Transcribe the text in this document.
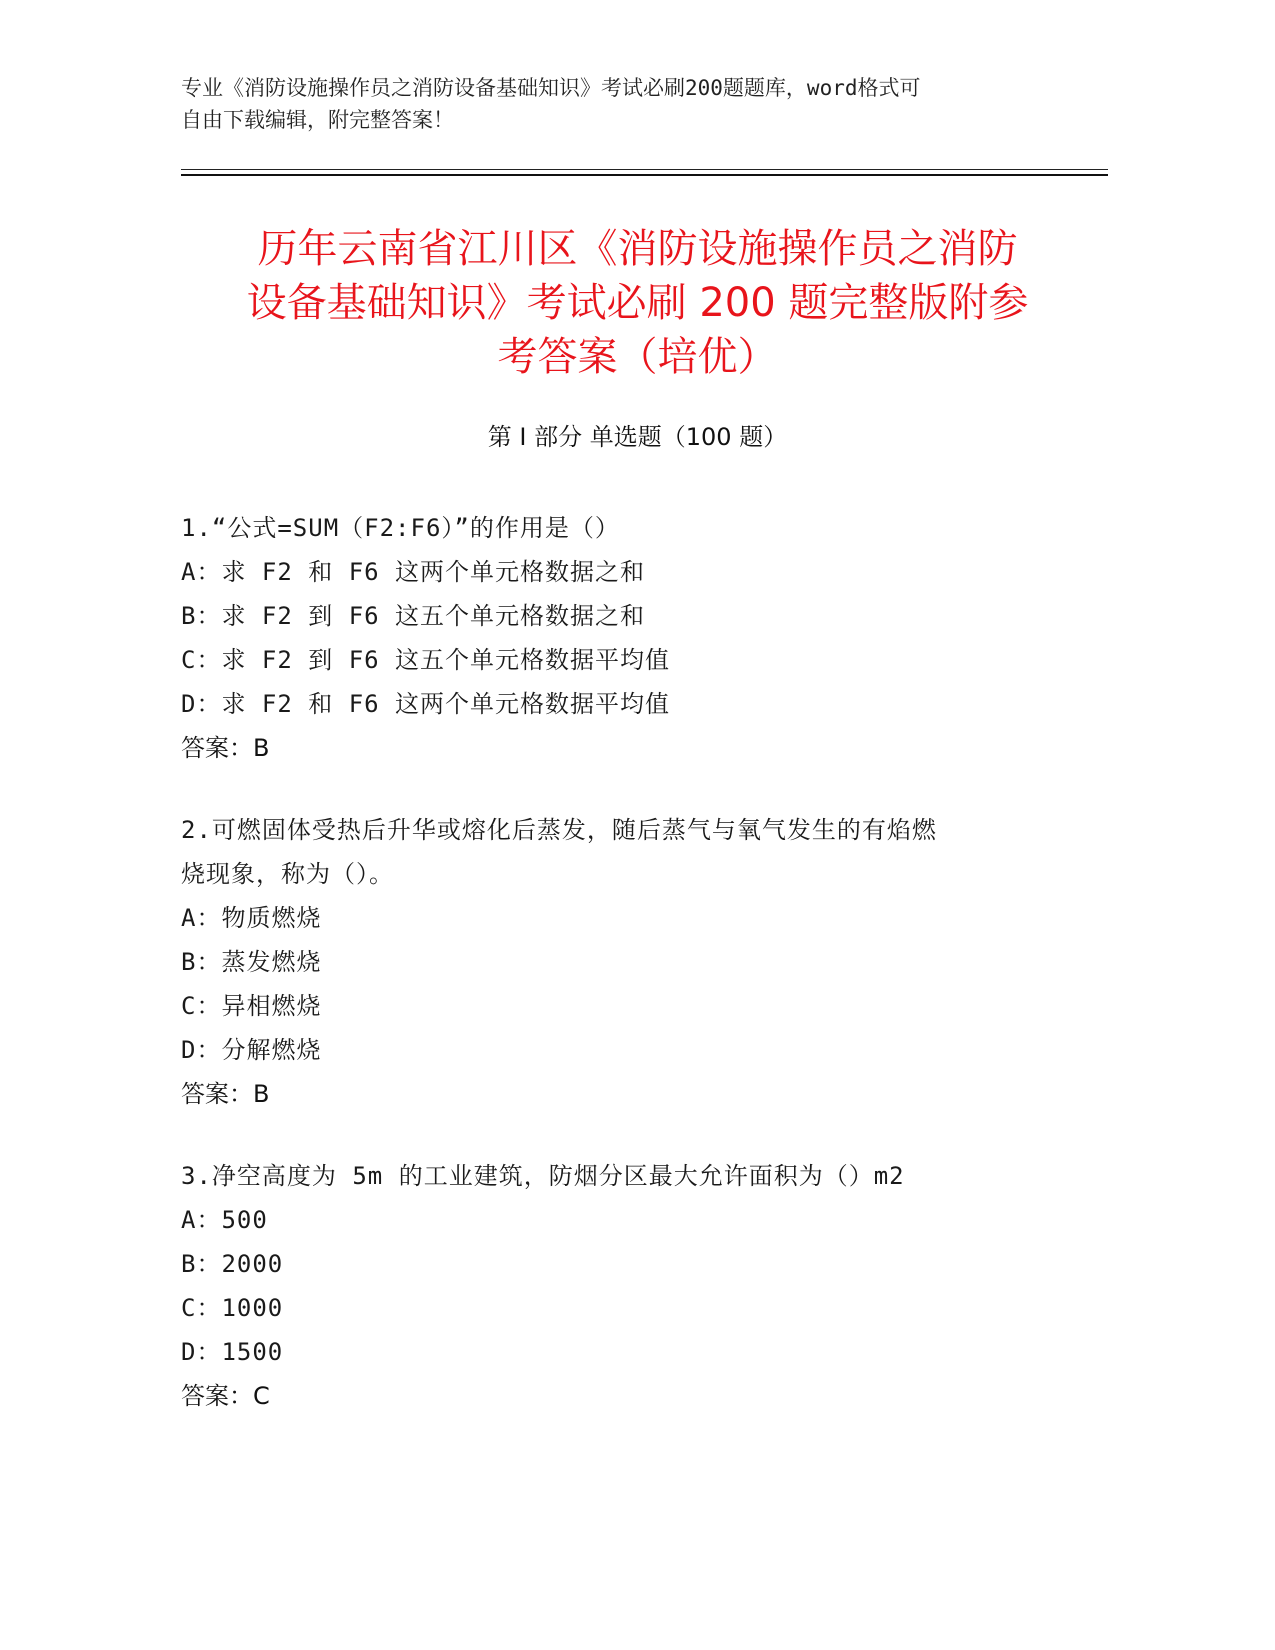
专业《消防设施操作员之消防设备基础知识》考试必刷200题题库，word格式可
自由下载编辑，附完整答案！
历年云南省江川区《消防设施操作员之消防
设备基础知识》考试必刷 200 题完整版附参
考答案（培优）
第 I 部分 单选题（100 题）
1.“公式=SUM（F2:F6）”的作用是（）
A：求 F2 和 F6 这两个单元格数据之和
B：求 F2 到 F6 这五个单元格数据之和
C：求 F2 到 F6 这五个单元格数据平均值
D：求 F2 和 F6 这两个单元格数据平均值
答案：B
2.可燃固体受热后升华或熔化后蒸发，随后蒸气与氧气发生的有焰燃
烧现象，称为（）。
A：物质燃烧
B：蒸发燃烧
C：异相燃烧
D：分解燃烧
答案：B
3.净空高度为 5m 的工业建筑，防烟分区最大允许面积为（）m2
A：500
B：2000
C：1000
D：1500
答案：C
